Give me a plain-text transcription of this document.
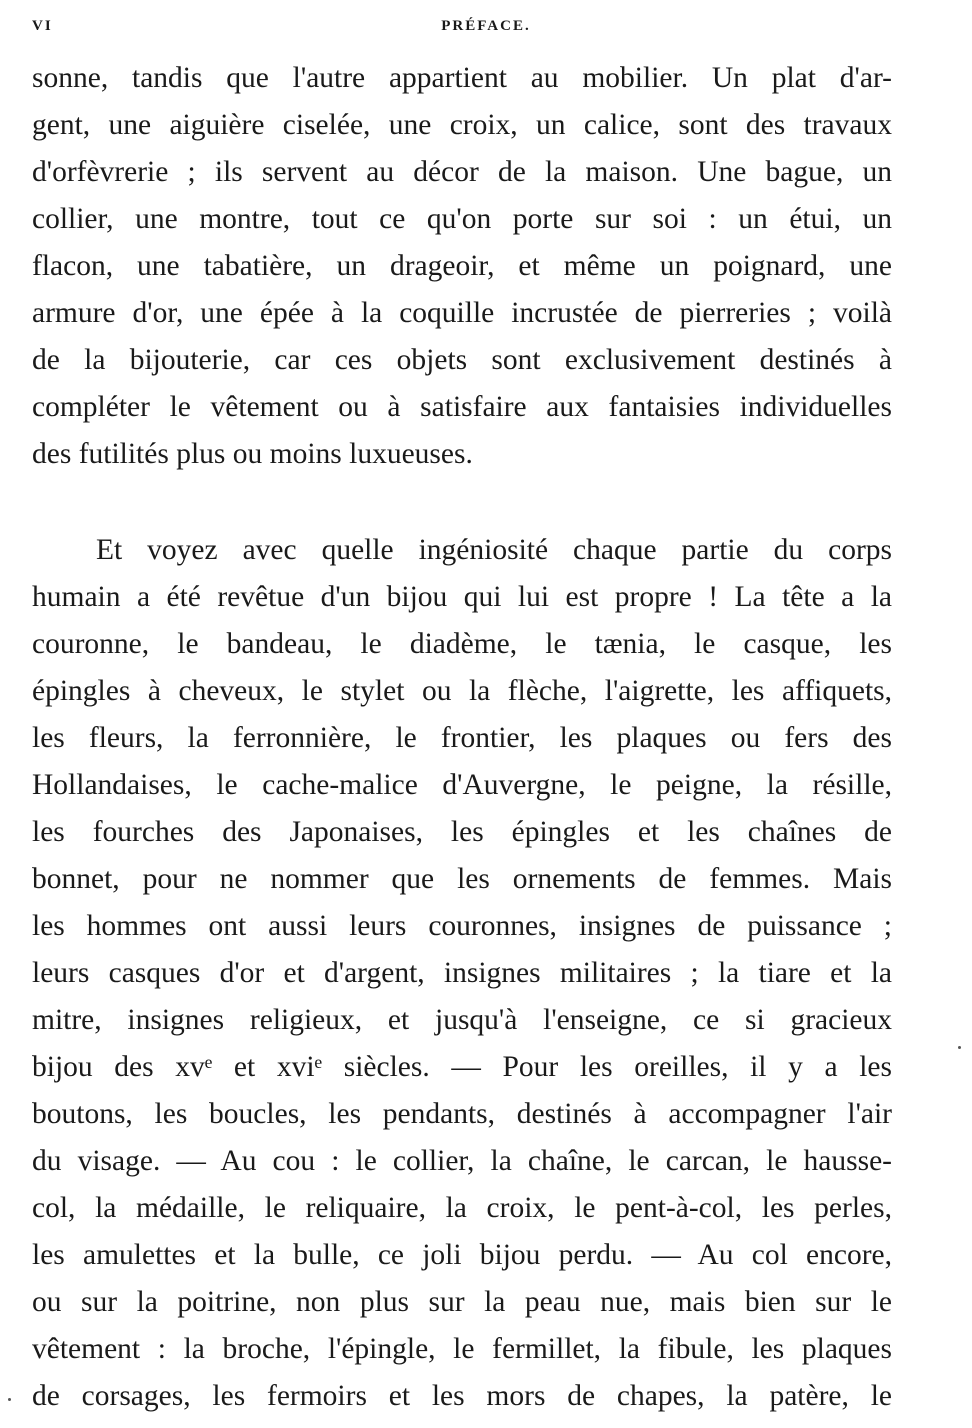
VI	PRÉFACE.
sonne, tandis que l'autre appartient au mobilier. Un plat d'ar-
gent, une aiguière ciselée, une croix, un calice, sont des travaux
d'orfèvrerie ; ils servent au décor de la maison. Une bague, un
collier, une montre, tout ce qu'on porte sur soi : un étui, un
flacon, une tabatière, un drageoir, et même un poignard, une
armure d'or, une épée à la coquille incrustée de pierreries ; voilà
de la bijouterie, car ces objets sont exclusivement destinés à
compléter le vêtement ou à satisfaire aux fantaisies individuelles
des futilités plus ou moins luxueuses.
Et voyez avec quelle ingéniosité chaque partie du corps
humain a été revêtue d'un bijou qui lui est propre ! La tête a la
couronne, le bandeau, le diadème, le tænia, le casque, les
épingles à cheveux, le stylet ou la flèche, l'aigrette, les affiquets,
les fleurs, la ferronnière, le frontier, les plaques ou fers des
Hollandaises, le cache-malice d'Auvergne, le peigne, la résille,
les fourches des Japonaises, les épingles et les chaînes de
bonnet, pour ne nommer que les ornements de femmes. Mais
les hommes ont aussi leurs couronnes, insignes de puissance ;
leurs casques d'or et d'argent, insignes militaires ; la tiare et la
mitre, insignes religieux, et jusqu'à l'enseigne, ce si gracieux
bijou des xvᵉ et xviᵉ siècles. — Pour les oreilles, il y a les
boutons, les boucles, les pendants, destinés à accompagner l'air
du visage. — Au cou : le collier, la chaîne, le carcan, le hausse-
col, la médaille, le reliquaire, la croix, le pent-à-col, les perles,
les amulettes et la bulle, ce joli bijou perdu. — Au col encore,
ou sur la poitrine, non plus sur la peau nue, mais bien sur le
vêtement : la broche, l'épingle, le fermillet, la fibule, les plaques
de corsages, les fermoirs et les mors de chapes, la patère, le
